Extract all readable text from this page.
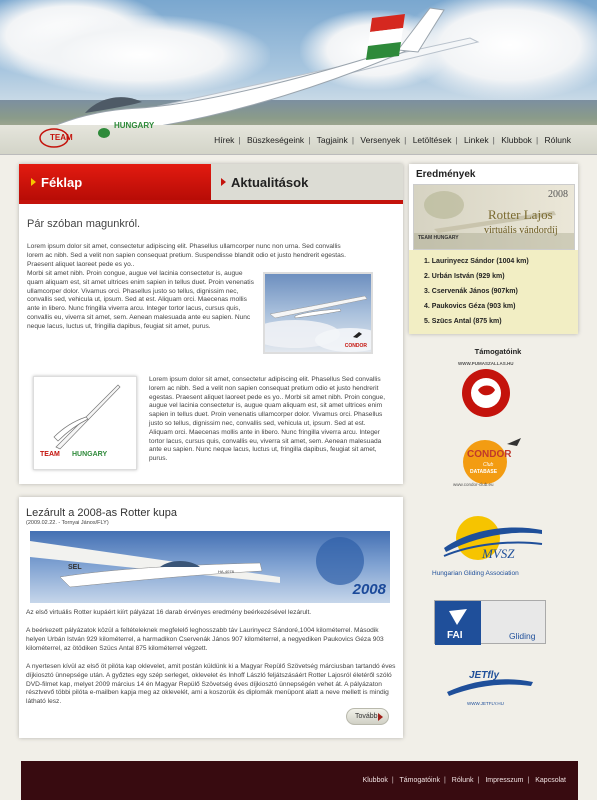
TEAM
HUNGARY
Hírek | Büszkeségeink | Tagjaink | Versenyek | Letöltések | Linkek | Klubbok | Rólunk
Féklap	Aktualitások
Pár szóban magunkról.
Lorem ipsum dolor sit amet, consectetur adipiscing elit. Phasellus ullamcorper nunc non urna. Sed convallis lorem ac nibh. Sed a velit non sapien consequat pretium. Suspendisse blandit odio et justo hendrerit egestas. Praesent aliquet laoreet pede es yo..
Morbi sit amet nibh. Proin congue, augue vel lacinia consectetur is, augue quam aliquam est, sit amet ultrices enim sapien in tellus duet. Proin venenatis ullamcorper dolor. Vivamus orci. Phasellus justo so tellus, dignissim nec, convallis sed, vehicula ut, ipsum. Sed at est. Aliquam orci. Maecenas mollis ante in libero. Nunc fringilla viverra arcu. Integer tortor lacus, cursus quis, convallis eu, viverra sit amet, sem. Aenean malesuada ante eu sapien. Nunc neque lacus, luctus ut, fringilla dapibus, feugiat sit amet, purus.
CONDOR
TEAM HUNGARY
Lorem ipsum dolor sit amet, consectetur adipiscing elit. Phasellus Sed convallis lorem ac nibh. Sed a velit non sapien consequat pretium odio et justo hendrerit egestas. Praesent aliquet laoreet pede es yo.. Morbi sit amet nibh. Proin congue, augue vel lacinia consectetur is, augue quam aliquam est, sit amet ultrices enim sapien in tellus duet. Proin venenatis ullamcorper dolor. Vivamus orci. Phasellus justo so tellus, dignissim nec, convallis sed, vehicula ut, ipsum. Sed at est. Aliquam orci. Maecenas mollis ante in libero. Nunc fringilla viverra arcu. Integer tortor lacus, cursus quis, convallis eu, viverra sit amet, sem. Aenean malesuada ante eu sapien. Nunc neque lacus, luctus ut, fringilla dapibus, feugiat sit amet, purus.
Lezárult a 2008-as Rotter kupa
(2009.02.22. - Tornyai János/FLY)
SEL
HA-4078
2008
Az első virtuális Rotter kupáért kiírt pályázat 16 darab érvényes eredmény beérkezésével lezárult.
A beérkezett pályázatok közül a feltételeknek megfelelő leghosszabb táv Laurinyecz Sándoré,1004 kilométerrel. Második helyen Urbán István 929 kilométerrel, a harmadikon Cservenák János 907 kilométerrel, a negyediken Paukovics Géza 903 kilométerrel, az ötödiken Szücs Antal 875 kilométerrel végzett.
A nyertesen kívül az első öt pilóta kap oklevelet, amit postán küldünk ki a Magyar Repülő Szövetség márciusban tartandó éves díjkiosztó ünnepsége után. A győztes egy szép serleget, oklevelet és Inhoff László feljátszásáért Rotter Lajosról életéről szóló DVD-filmet kap, melyet 2009 március 14 én Magyar Repülő Szövetség éves díjkiosztó ünnepségén vehet át. A pályázaton résztvevő többi pilóta e-mailben kapja meg az oklevelét, ami a koszorúk és diplomák menüpont alatt a neve mellett is mindig látható lesz.
Tovább
Eredmények
2008
Rotter Lajos
virtuális vándordíj
TEAM HUNGARY
1. Laurinyecz Sándor (1004 km)
2. Urbán István (929 km)
3. Cservenák János (907km)
4. Paukovics Géza (903 km)
5. Szücs Antal (875 km)
Támogatóink
WWW.PUMASZALLAS.HU
CONDOR
Club
DATABASE
www.condor-club.eu
MVSZ
Hungarian Gliding Association
FAI	Gliding
JETfly
WWW.JETFLY.HU
Klubbok | Támogatóink | Rólunk | Impresszum | Kapcsolat
